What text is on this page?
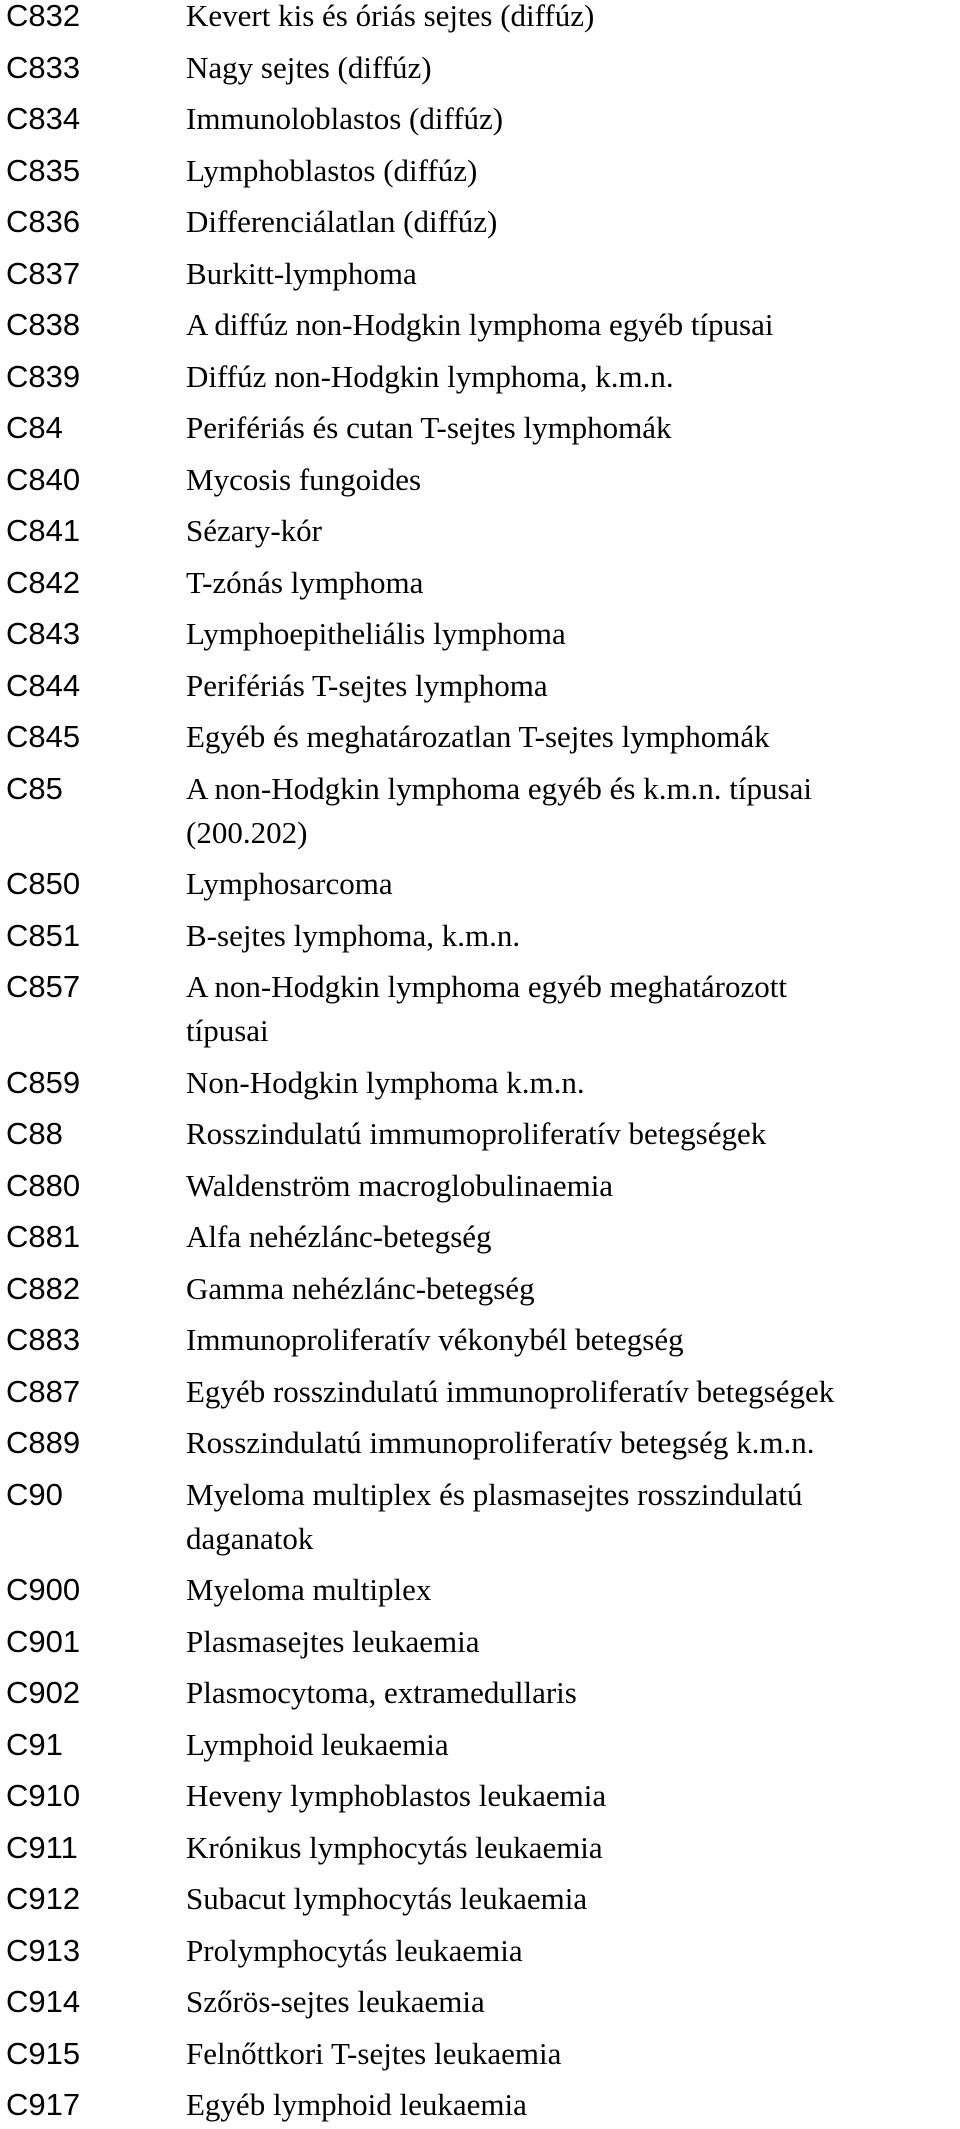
C832	Kevert kis és óriás sejtes (diffúz)
C833	Nagy sejtes (diffúz)
C834	Immunoloblastos (diffúz)
C835	Lymphoblastos (diffúz)
C836	Differenciálatlan (diffúz)
C837	Burkitt-lymphoma
C838	A diffúz non-Hodgkin lymphoma egyéb típusai
C839	Diffúz non-Hodgkin lymphoma, k.m.n.
C84	Perifériás és cutan T-sejtes lymphomák
C840	Mycosis fungoides
C841	Sézary-kór
C842	T-zónás lymphoma
C843	Lymphoepitheliális lymphoma
C844	Perifériás T-sejtes lymphoma
C845	Egyéb és meghatározatlan T-sejtes lymphomák
C85	A non-Hodgkin lymphoma egyéb és k.m.n. típusai
(200.202)
C850	Lymphosarcoma
C851	B-sejtes lymphoma, k.m.n.
C857	A non-Hodgkin lymphoma egyéb meghatározott
típusai
C859	Non-Hodgkin lymphoma k.m.n.
C88	Rosszindulatú immumoproliferatív betegségek
C880	Waldenström macroglobulinaemia
C881	Alfa nehézlánc-betegség
C882	Gamma nehézlánc-betegség
C883	Immunoproliferatív vékonybél betegség
C887	Egyéb rosszindulatú immunoproliferatív betegségek
C889	Rosszindulatú immunoproliferatív betegség k.m.n.
C90	Myeloma multiplex és plasmasejtes rosszindulatú
daganatok
C900	Myeloma multiplex
C901	Plasmasejtes leukaemia
C902	Plasmocytoma, extramedullaris
C91	Lymphoid leukaemia
C910	Heveny lymphoblastos leukaemia
C911	Krónikus lymphocytás leukaemia
C912	Subacut lymphocytás leukaemia
C913	Prolymphocytás leukaemia
C914	Szőrös-sejtes leukaemia
C915	Felnőttkori T-sejtes leukaemia
C917	Egyéb lymphoid leukaemia
